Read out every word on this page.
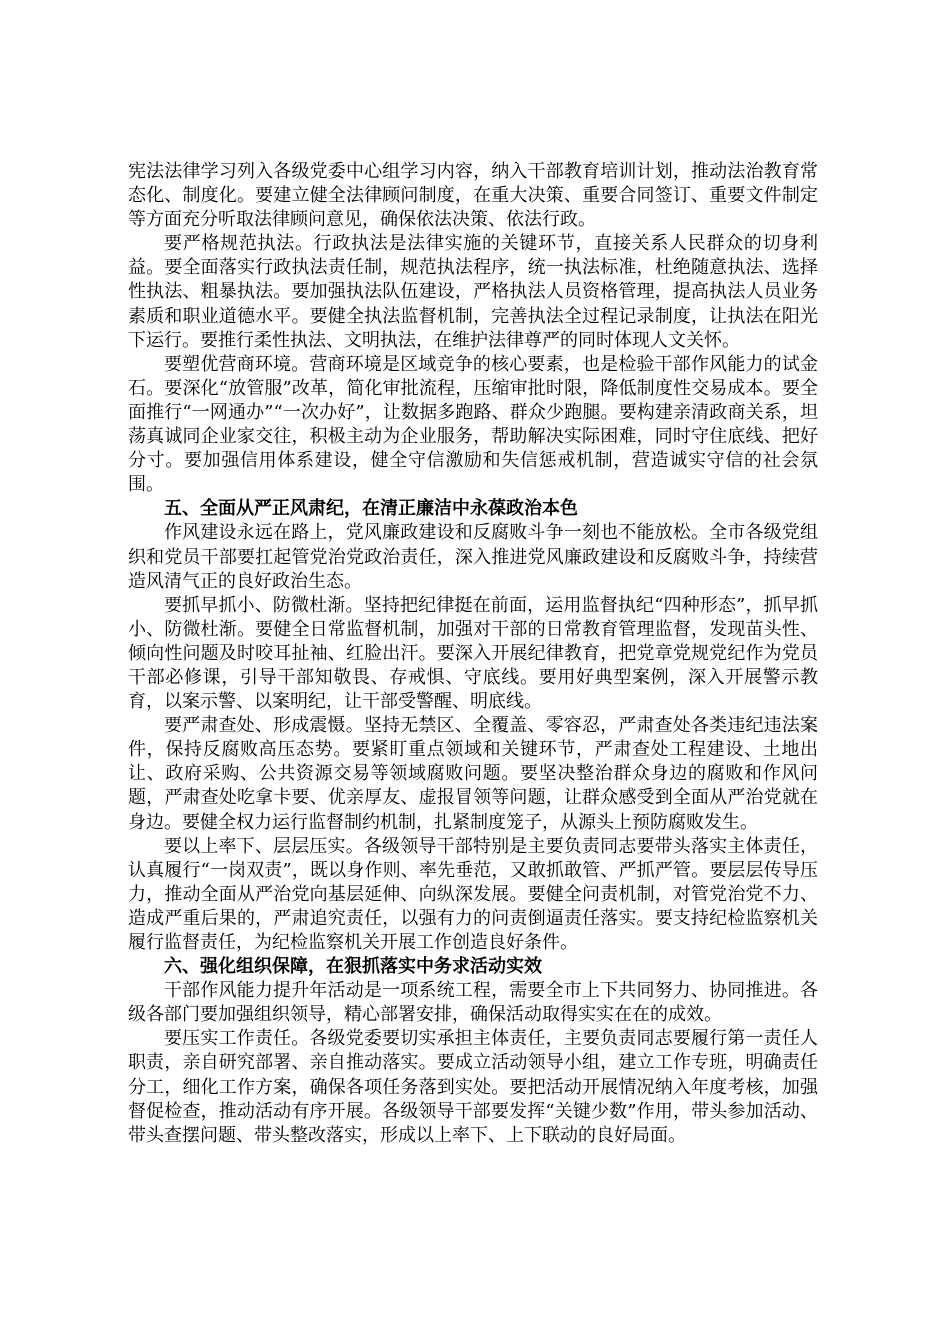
宪法法律学习列入各级党委中心组学习内容，纳入干部教育培训计划，推动法治教育常态化、制度化。要建立健全法律顾问制度，在重大决策、重要合同签订、重要文件制定等方面充分听取法律顾问意见，确保依法决策、依法行政。

要严格规范执法。行政执法是法律实施的关键环节，直接关系人民群众的切身利益。要全面落实行政执法责任制，规范执法程序，统一执法标准，杜绝随意执法、选择性执法、粗暴执法。要加强执法队伍建设，严格执法人员资格管理，提高执法人员业务素质和职业道德水平。要健全执法监督机制，完善执法全过程记录制度，让执法在阳光下运行。要推行柔性执法、文明执法，在维护法律尊严的同时体现人文关怀。

要塑优营商环境。营商环境是区域竞争的核心要素，也是检验干部作风能力的试金石。要深化“放管服”改革，简化审批流程，压缩审批时限，降低制度性交易成本。要全面推行“一网通办”“一次办好”，让数据多跑路、群众少跑腿。要构建亲清政商关系，坦荡真诚同企业家交往，积极主动为企业服务，帮助解决实际困难，同时守住底线、把好分寸。要加强信用体系建设，健全守信激励和失信惩戒机制，营造诚实守信的社会氛围。

五、全面从严正风肃纪，在清正廉洁中永葆政治本色

作风建设永远在路上，党风廉政建设和反腐败斗争一刻也不能放松。全市各级党组织和党员干部要扛起管党治党政治责任，深入推进党风廉政建设和反腐败斗争，持续营造风清气正的良好政治生态。

要抓早抓小、防微杜渐。坚持把纪律挺在前面，运用监督执纪“四种形态”，抓早抓小、防微杜渐。要健全日常监督机制，加强对干部的日常教育管理监督，发现苗头性、倾向性问题及时咬耳扯袖、红脸出汗。要深入开展纪律教育，把党章党规党纪作为党员干部必修课，引导干部知敬畏、存戒惧、守底线。要用好典型案例，深入开展警示教育，以案示警、以案明纪，让干部受警醒、明底线。

要严肃查处、形成震慑。坚持无禁区、全覆盖、零容忍，严肃查处各类违纪违法案件，保持反腐败高压态势。要紧盯重点领域和关键环节，严肃查处工程建设、土地出让、政府采购、公共资源交易等领域腐败问题。要坚决整治群众身边的腐败和作风问题，严肃查处吃拿卡要、优亲厚友、虚报冒领等问题，让群众感受到全面从严治党就在身边。要健全权力运行监督制约机制，扎紧制度笼子，从源头上预防腐败发生。

要以上率下、层层压实。各级领导干部特别是主要负责同志要带头落实主体责任，认真履行“一岗双责”，既以身作则、率先垂范，又敢抓敢管、严抓严管。要层层传导压力，推动全面从严治党向基层延伸、向纵深发展。要健全问责机制，对管党治党不力、造成严重后果的，严肃追究责任，以强有力的问责倒逼责任落实。要支持纪检监察机关履行监督责任，为纪检监察机关开展工作创造良好条件。

六、强化组织保障，在狠抓落实中务求活动实效

干部作风能力提升年活动是一项系统工程，需要全市上下共同努力、协同推进。各级各部门要加强组织领导，精心部署安排，确保活动取得实实在在的成效。

要压实工作责任。各级党委要切实承担主体责任，主要负责同志要履行第一责任人职责，亲自研究部署、亲自推动落实。要成立活动领导小组，建立工作专班，明确责任分工，细化工作方案，确保各项任务落到实处。要把活动开展情况纳入年度考核，加强督促检查，推动活动有序开展。各级领导干部要发挥“关键少数”作用，带头参加活动、带头查摆问题、带头整改落实，形成以上率下、上下联动的良好局面。
